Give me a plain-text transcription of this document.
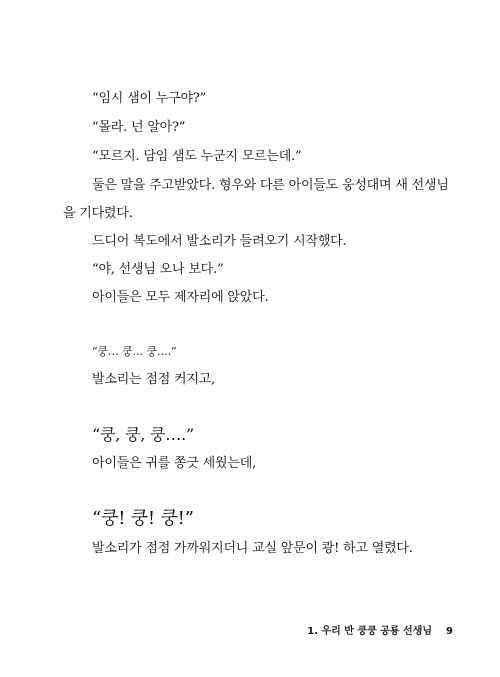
“임시 샘이 누구야?”
“몰라. 넌 알아?”
“모르지. 담임 샘도 누군지 모르는데.”
둘은 말을 주고받았다. 형우와 다른 아이들도 웅성대며 새 선생님
을 기다렸다.
드디어 복도에서 발소리가 들려오기 시작했다.
“야, 선생님 오나 보다.”
아이들은 모두 제자리에 앉았다.
“쿵… 쿵… 쿵….”
발소리는 점점 커지고,
“쿵, 쿵, 쿵….”
아이들은 귀를 쫑긋 세웠는데,
“쿵! 쿵! 쿵!”
발소리가 점점 가까워지더니 교실 앞문이 쾅! 하고 열렸다.
1. 우리 반 쿵쿵 공룡 선생님 9
